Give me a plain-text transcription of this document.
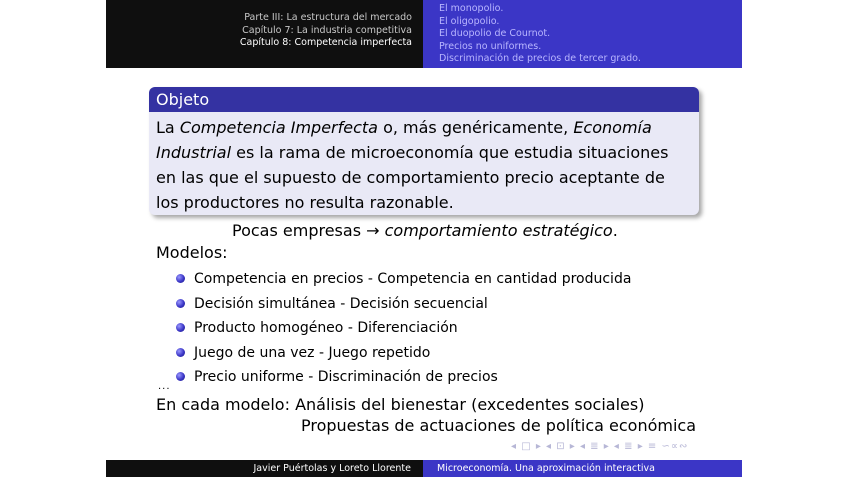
Parte III: La estructura del mercado
Capítulo 7: La industria competitiva
Capítulo 8: Competencia imperfecta
El monopolio.
El oligopolio.
El duopolio de Cournot.
Precios no uniformes.
Discriminación de precios de tercer grado.
Objeto
La Competencia Imperfecta o, más genéricamente, Economía Industrial es la rama de microeconomía que estudia situaciones en las que el supuesto de comportamiento precio aceptante de los productores no resulta razonable.
Pocas empresas → comportamiento estratégico.
Modelos:
Competencia en precios - Competencia en cantidad producida
Decisión simultánea - Decisión secuencial
Producto homogéneo - Diferenciación
Juego de una vez - Juego repetido
Precio uniforme - Discriminación de precios
...
En cada modelo: Análisis del bienestar (excedentes sociales)
Propuestas de actuaciones de política económica
◂ □ ▸ ◂ ⊡ ▸ ◂ ≣ ▸ ◂ ≣ ▸ ≡ ∽∝∾
Javier Puértolas y Loreto Llorente	Microeconomía. Una aproximación interactiva
